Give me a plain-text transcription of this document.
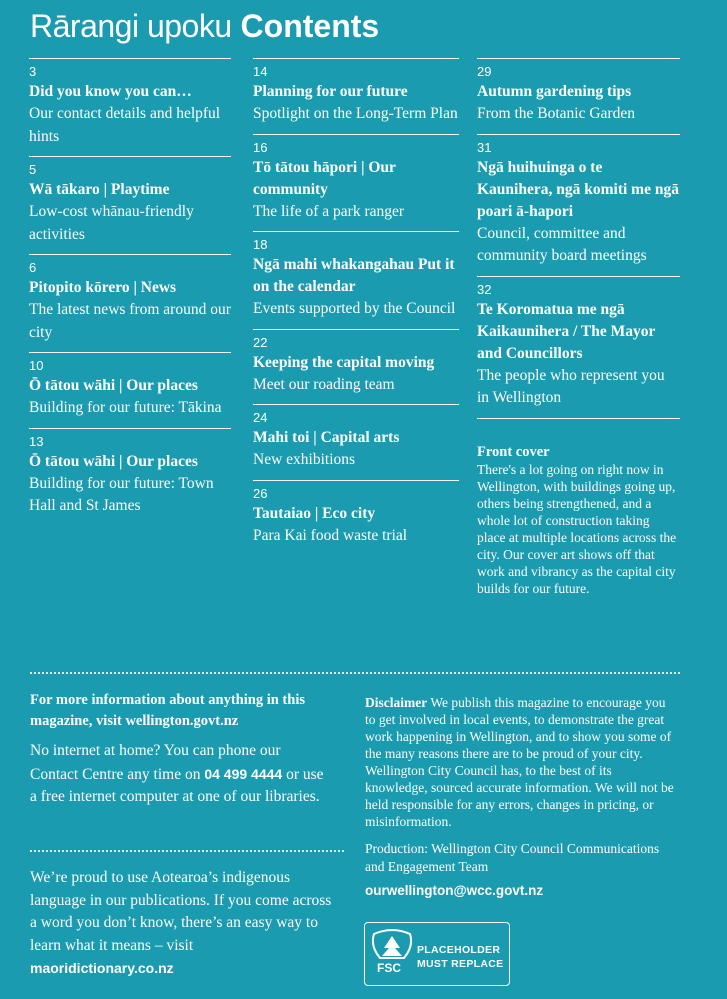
Rārangi upoku Contents
3
Did you know you can…
Our contact details and helpful hints
5
Wā tākaro | Playtime
Low-cost whānau-friendly activities
6
Pitopito kōrero | News
The latest news from around our city
10
Ō tātou wāhi | Our places
Building for our future: Tākina
13
Ō tātou wāhi | Our places
Building for our future: Town Hall and St James
14
Planning for our future
Spotlight on the Long-Term Plan
16
Tō tātou hāpori | Our community
The life of a park ranger
18
Ngā mahi whakangahau Put it on the calendar
Events supported by the Council
22
Keeping the capital moving
Meet our roading team
24
Mahi toi | Capital arts
New exhibitions
26
Tautaiao | Eco city
Para Kai food waste trial
29
Autumn gardening tips
From the Botanic Garden
31
Ngā huihuinga o te Kaunihera, ngā komiti me ngā poari ā-hapori
Council, committee and community board meetings
32
Te Koromatua me ngā Kaikaunihera / The Mayor and Councillors
The people who represent you in Wellington
Front cover
There's a lot going on right now in Wellington, with buildings going up, others being strengthened, and a whole lot of construction taking place at multiple locations across the city. Our cover art shows off that work and vibrancy as the capital city builds for our future.
For more information about anything in this magazine, visit wellington.govt.nz
No internet at home? You can phone our Contact Centre any time on 04 499 4444 or use a free internet computer at one of our libraries.
We’re proud to use Aotearoa’s indigenous language in our publications. If you come across a word you don’t know, there’s an easy way to learn what it means – visit maoridictionary.co.nz
Disclaimer We publish this magazine to encourage you to get involved in local events, to demonstrate the great work happening in Wellington, and to show you some of the many reasons there are to be proud of your city. Wellington City Council has, to the best of its knowledge, sourced accurate information. We will not be held responsible for any errors, changes in pricing, or misinformation.
Production: Wellington City Council Communications and Engagement Team
ourwellington@wcc.govt.nz
FSC
PLACEHOLDER MUST REPLACE
